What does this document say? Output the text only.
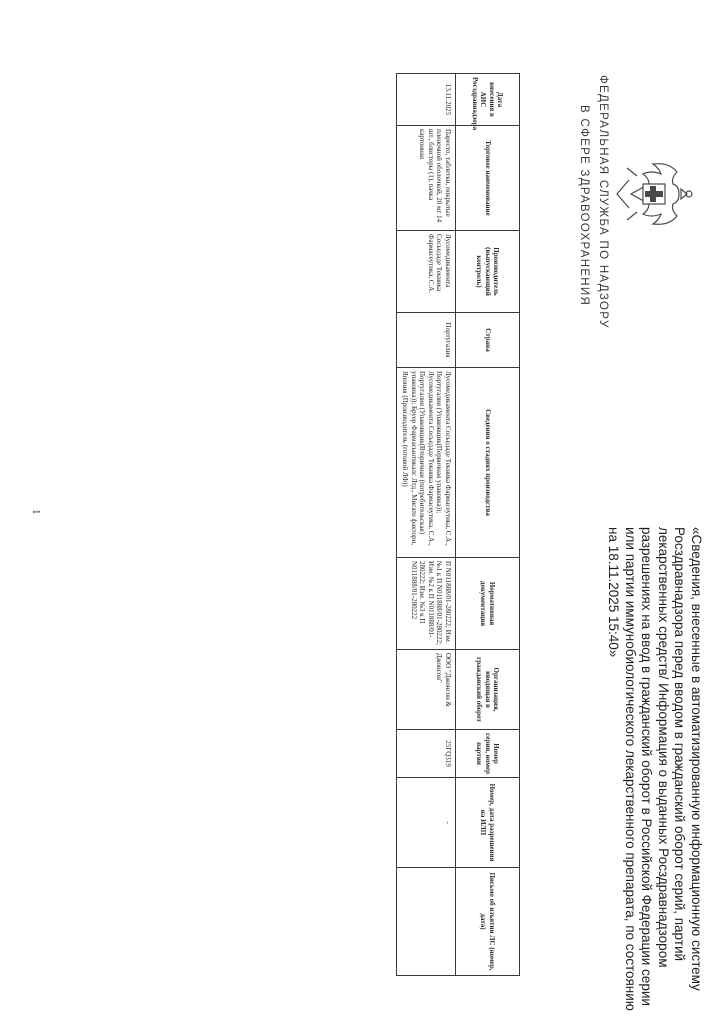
ФЕДЕРАЛЬНАЯ СЛУЖБА ПО НАДЗОРУ
В СФЕРЕ ЗДРАВООХРАНЕНИЯ
«Сведения, внесенные в автоматизированную информационную систему Росздравнадзора перед вводом в гражданский оборот серий, партий лекарственных средств/ Информация о выданных Росздравнадзором разрешениях на ввод в гражданский оборот в Российской Федерации серии или партии иммунобиологического лекарственного препарата, по состоянию на 18.11.2025 15:40»
Дата внесения в АИС Росздравнадзора	Торговое наименование	Производитель (выпускающий контроль)	Страна	Сведения о стадиях производства	Нормативная документация	Организация, вводящая в гражданский оборот	Номер серии, номер партии	Номер, дата разрешения на ИЛП	Письмо об изъятии ЛС (номер, дата)
13.11.2025	Паресто, таблетки, покрытые пленочной оболочкой, 20 мг 14 шт., блистеры (1), пачка картонная	Лусомедикамента Сосьедаде Текника Фармасеутика, С.А.	Португалия	Лусомедикамента Сосьедаде Текника Фармасеутика, С.А., Португалия (Упаковщик(Первичная упаковка)); Лусомедикамента Сосьедаде Текника Фармасеутика, С.А., Португалия (Упаковщик(Вторичная (потребительская) упаковка)); Бруер Фармасьютикалс Лтд., Мисато фактори, Япония (Производитель (готовой ЛФ))	П N011888/01-280222; Изм. №1 к П N011888/01-280222; Изм. №2 к П N011888/01-280222; Изм. №3 к П N011888/01-280222	ООО "Джонсон & Джонсон"	25ГQ319	-	
1
